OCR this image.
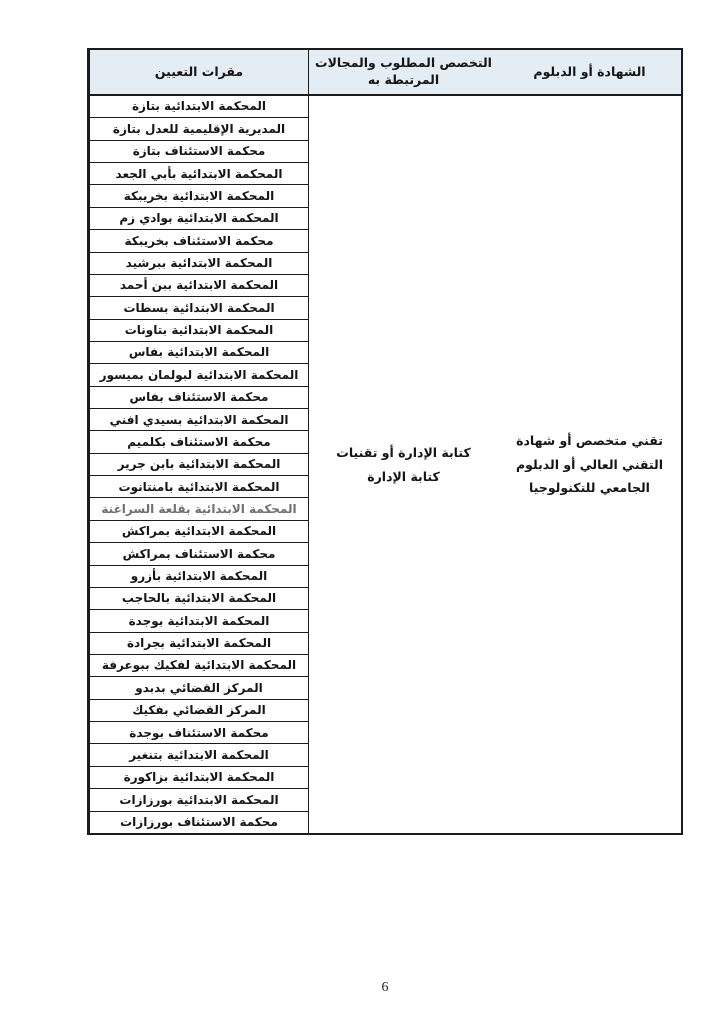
الشهادة أو الدبلوم
التخصص المطلوب والمجالات المرتبطة به
مقرات التعيين
تقني متخصص أو شهادة التقني العالي أو الدبلوم الجامعي للتكنولوجيا
كتابة الإدارة أو تقنيات كتابة الإدارة
المحكمة الابتدائية بتازة
المديرية الإقليمية للعدل بتازة
محكمة الاستئناف بتازة
المحكمة الابتدائية بأبي الجعد
المحكمة الابتدائية بخريبكة
المحكمة الابتدائية بوادي زم
محكمة الاستئناف بخريبكة
المحكمة الابتدائية ببرشيد
المحكمة الابتدائية ببن أحمد
المحكمة الابتدائية بسطات
المحكمة الابتدائية بتاونات
المحكمة الابتدائية بفاس
المحكمة الابتدائية لبولمان بميسور
محكمة الاستئناف بفاس
المحكمة الابتدائية بسيدي افني
محكمة الاستئناف بكلميم
المحكمة الابتدائية بابن جرير
المحكمة الابتدائية بامنتانوت
المحكمة الابتدائية بقلعة السراغنة
المحكمة الابتدائية بمراكش
محكمة الاستئناف بمراكش
المحكمة الابتدائية بأزرو
المحكمة الابتدائية بالحاجب
المحكمة الابتدائية بوجدة
المحكمة الابتدائية بجرادة
المحكمة الابتدائية لفكيك ببوعرفة
المركز القضائي بدبدو
المركز القضائي بفكيك
محكمة الاستئناف بوجدة
المحكمة الابتدائية بتنغير
المحكمة الابتدائية بزاكورة
المحكمة الابتدائية بورزازات
محكمة الاستئناف بورزازات
6
